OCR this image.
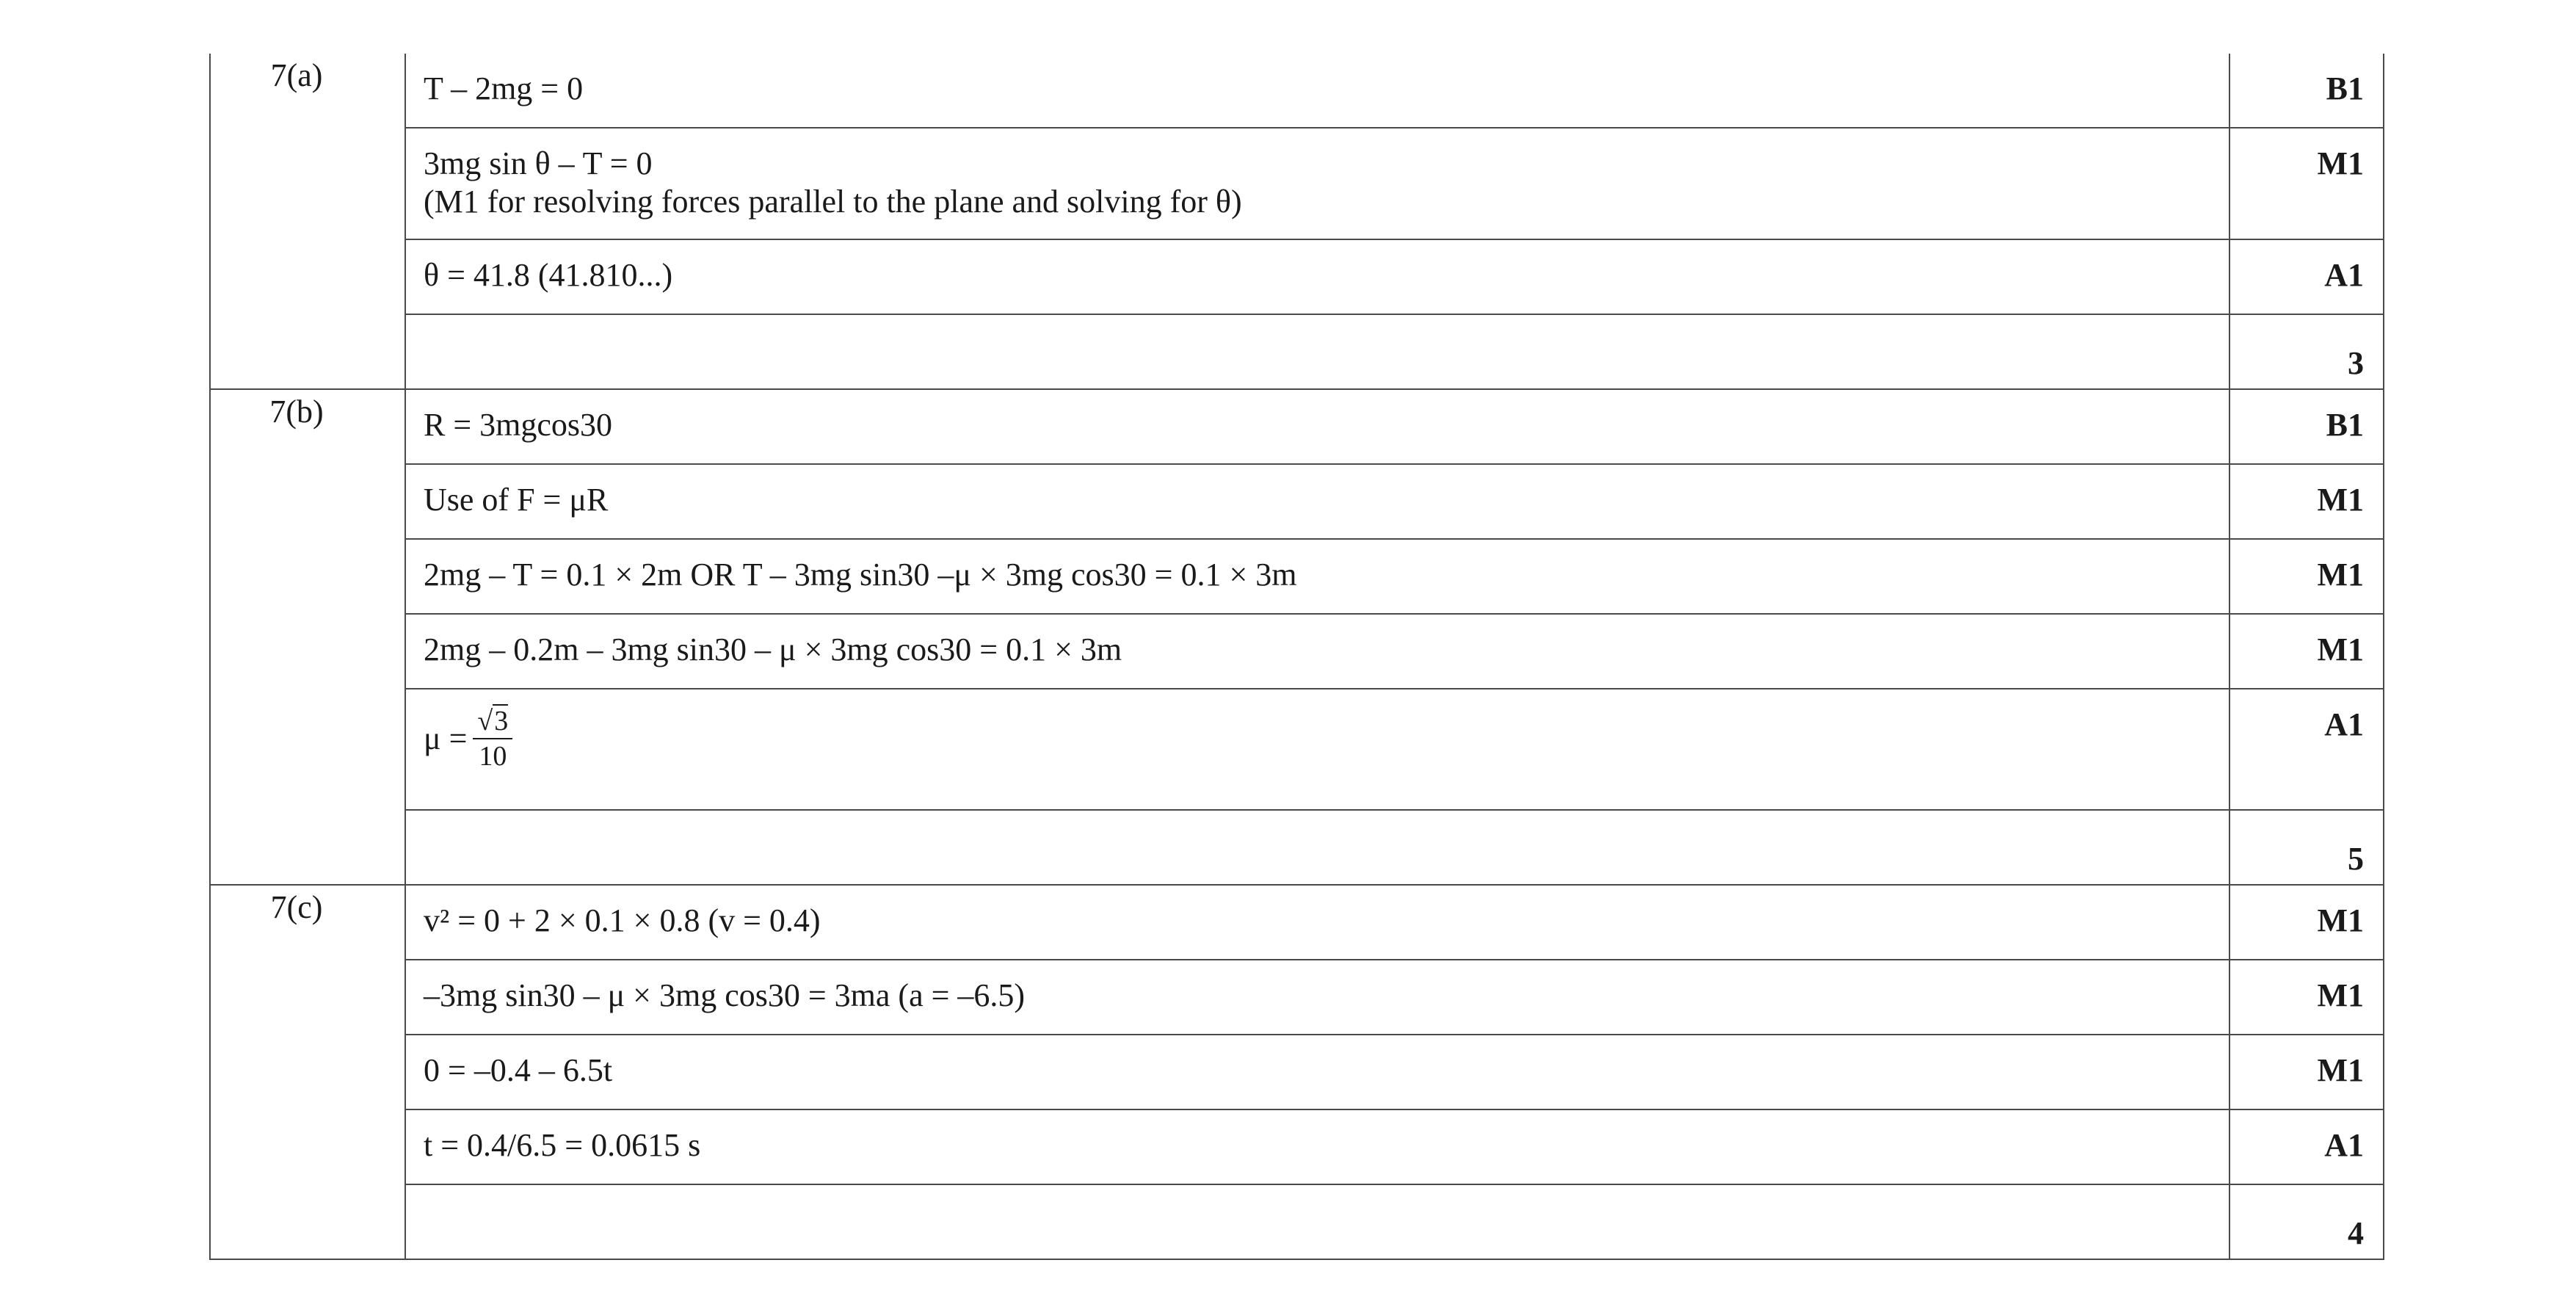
7(a)	T – 2mg = 0	B1

	3mg sin θ – T = 0
(M1 for resolving forces parallel to the plane and solving for θ)	M1

	θ = 41.8 (41.810...)	A1

		3

7(b)	R = 3mgcos30	B1

	Use of F = μR	M1

	2mg – T = 0.1 × 2m OR T – 3mg sin30 –μ × 3mg cos30 = 0.1 × 3m	M1

	2mg – 0.2m – 3mg sin30 – μ × 3mg cos30 = 0.1 × 3m	M1

	$\mu = \frac{√3}{10}$	A1

		5

7(c)	v² = 0 + 2 × 0.1 × 0.8 (v = 0.4)	M1

	–3mg sin30 – μ × 3mg cos30 = 3ma (a = –6.5)	M1

	0 = –0.4 – 6.5t	M1

	t = 0.4/6.5 = 0.0615 s	A1

		4
